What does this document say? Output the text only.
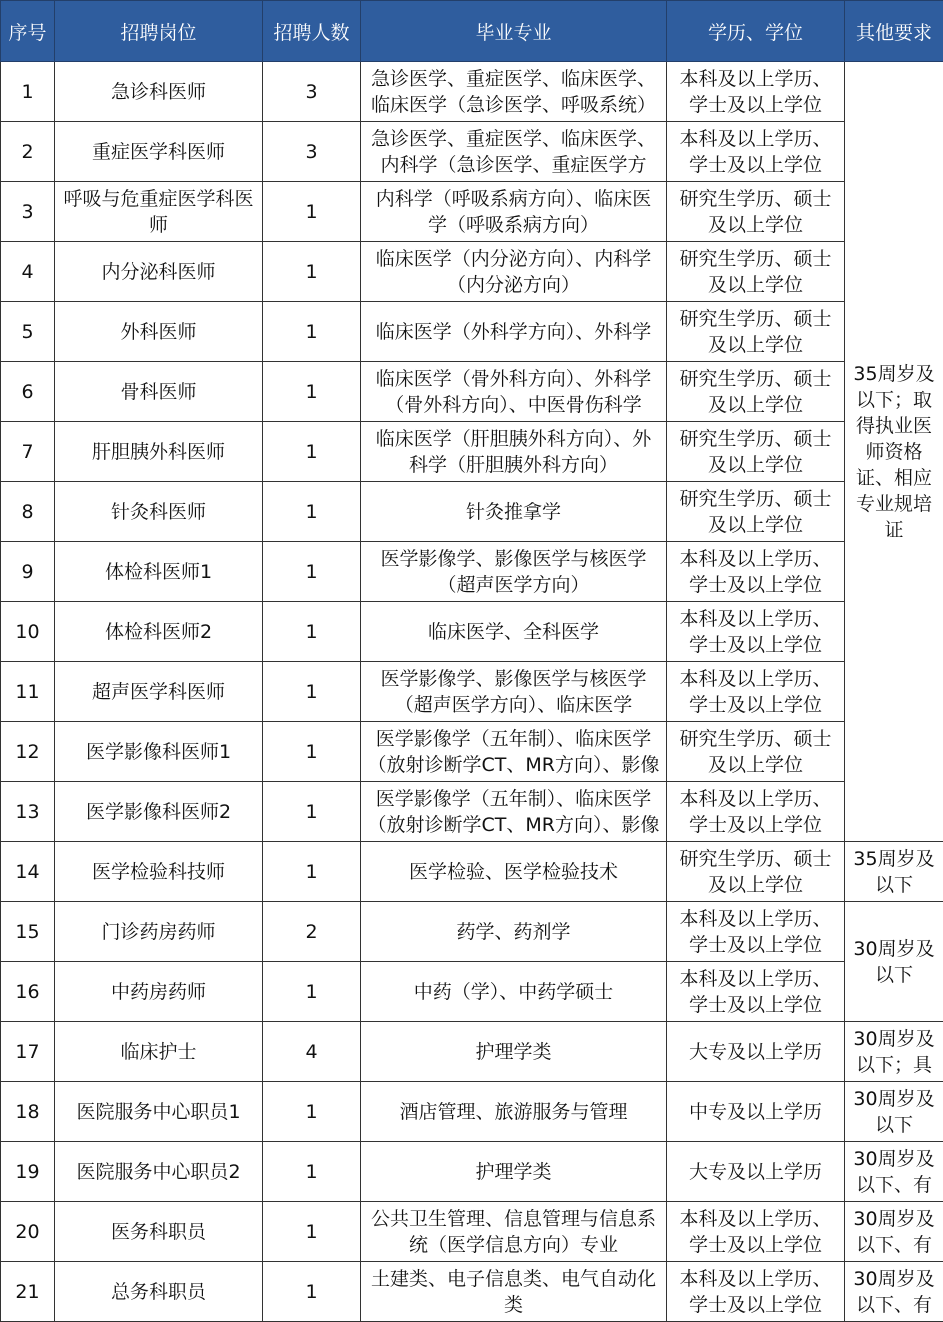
序号	招聘岗位	招聘人数	毕业专业	学历、学位	其他要求
1	急诊科医师	3	急诊医学、重症医学、临床医学、临床医学（急诊医学、呼吸系统）	本科及以上学历、学士及以上学位	35周岁及以下；取得执业医师资格证、相应专业规培证

2	重症医学科医师	3	急诊医学、重症医学、临床医学、内科学（急诊医学、重症医学方	本科及以上学历、学士及以上学位	

3	呼吸与危重症医学科医师	1	内科学（呼吸系病方向）、临床医学（呼吸系病方向）	研究生学历、硕士及以上学位	

4	内分泌科医师	1	临床医学（内分泌方向）、内科学（内分泌方向）	研究生学历、硕士及以上学位	

5	外科医师	1	临床医学（外科学方向）、外科学	研究生学历、硕士及以上学位	

6	骨科医师	1	临床医学（骨外科方向）、外科学（骨外科方向）、中医骨伤科学	研究生学历、硕士及以上学位	

7	肝胆胰外科医师	1	临床医学（肝胆胰外科方向）、外科学（肝胆胰外科方向）	研究生学历、硕士及以上学位	

8	针灸科医师	1	针灸推拿学	研究生学历、硕士及以上学位	

9	体检科医师1	1	医学影像学、影像医学与核医学（超声医学方向）	本科及以上学历、学士及以上学位	

10	体检科医师2	1	临床医学、全科医学	本科及以上学历、学士及以上学位	

11	超声医学科医师	1	医学影像学、影像医学与核医学（超声医学方向）、临床医学	本科及以上学历、学士及以上学位	

12	医学影像科医师1	1	医学影像学（五年制）、临床医学（放射诊断学CT、MR方向）、影像	研究生学历、硕士及以上学位	

13	医学影像科医师2	1	医学影像学（五年制）、临床医学（放射诊断学CT、MR方向）、影像	本科及以上学历、学士及以上学位	

14	医学检验科技师	1	医学检验、医学检验技术	研究生学历、硕士及以上学位	35周岁及以下

15	门诊药房药师	2	药学、药剂学	本科及以上学历、学士及以上学位	30周岁及以下

16	中药房药师	1	中药（学）、中药学硕士	本科及以上学历、学士及以上学位	

17	临床护士	4	护理学类	大专及以上学历	30周岁及以下；具

18	医院服务中心职员1	1	酒店管理、旅游服务与管理	中专及以上学历	30周岁及以下

19	医院服务中心职员2	1	护理学类	大专及以上学历	30周岁及以下、有

20	医务科职员	1	公共卫生管理、信息管理与信息系统（医学信息方向）专业	本科及以上学历、学士及以上学位	30周岁及以下、有

21	总务科职员	1	土建类、电子信息类、电气自动化类	本科及以上学历、学士及以上学位	30周岁及以下、有
